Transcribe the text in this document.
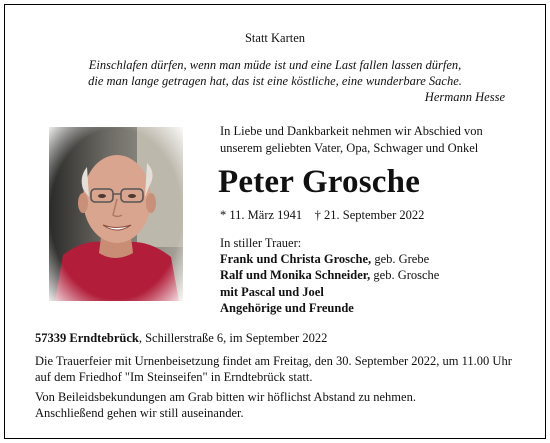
Statt Karten
Einschlafen dürfen, wenn man müde ist und eine Last fallen lassen dürfen,
die man lange getragen hat, das ist eine köstliche, eine wunderbare Sache.
Hermann Hesse
In Liebe und Dankbarkeit nehmen wir Abschied von
unserem geliebten Vater, Opa, Schwager und Onkel
Peter Grosche
* 11. März 1941    † 21. September 2022
In stiller Trauer:
Frank und Christa Grosche, geb. Grebe
Ralf und Monika Schneider, geb. Grosche
mit Pascal und Joel
Angehörige und Freunde
57339 Erndtebrück, Schillerstraße 6, im September 2022
Die Trauerfeier mit Urnenbeisetzung findet am Freitag, den 30. September 2022, um 11.00 Uhr
auf dem Friedhof "Im Steinseifen" in Erndtebrück statt.
Von Beileidsbekundungen am Grab bitten wir höflichst Abstand zu nehmen.
Anschließend gehen wir still auseinander.
